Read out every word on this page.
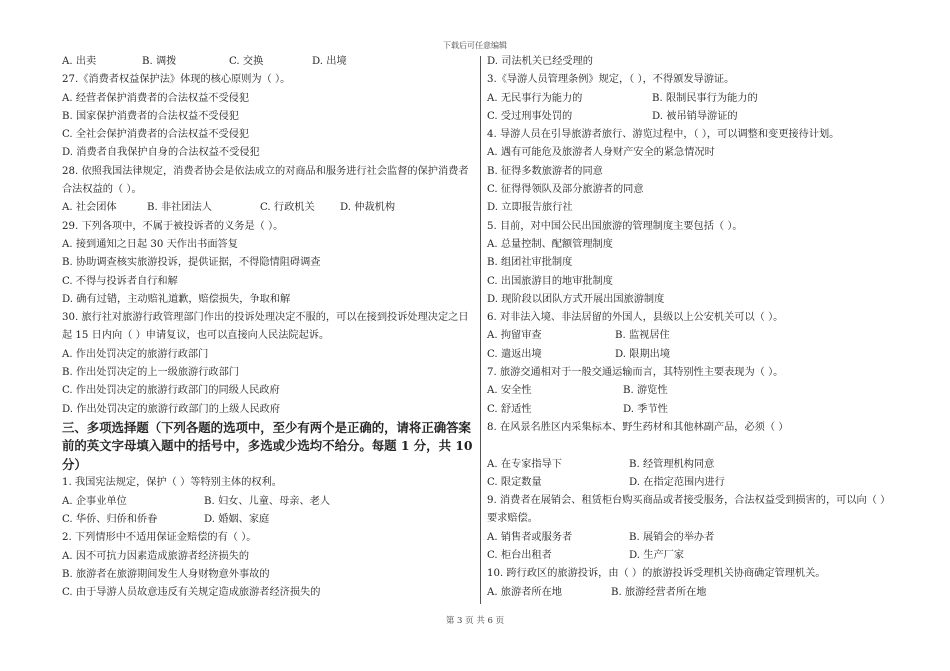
下载后可任意编辑
A. 出卖	B. 调拨	C. 交换	D. 出境
27.《消费者权益保护法》体现的核心原则为（ ）。
A. 经营者保护消费者的合法权益不受侵犯
B. 国家保护消费者的合法权益不受侵犯
C. 全社会保护消费者的合法权益不受侵犯
D. 消费者自我保护自身的合法权益不受侵犯
28. 依照我国法律规定，消费者协会是依法成立的对商品和服务进行社会监督的保护消费者合法权益的（ ）。
A. 社会团体	B. 非社团法人	C. 行政机关	D. 仲裁机构
29. 下列各项中，不属于被投诉者的义务是（ ）。
A. 接到通知之日起 30 天作出书面答复
B. 协助调查核实旅游投诉，提供证据，不得隐情阻碍调查
C. 不得与投诉者自行和解
D. 确有过错，主动赔礼道歉，赔偿损失，争取和解
30. 旅行社对旅游行政管理部门作出的投诉处理决定不服的，可以在接到投诉处理决定之日起 15 日内向（ ）申请复议，也可以直接向人民法院起诉。
A. 作出处罚决定的旅游行政部门
B. 作出处罚决定的上一级旅游行政部门
C. 作出处罚决定的旅游行政部门的同级人民政府
D. 作出处罚决定的旅游行政部门的上级人民政府
三、多项选择题（下列各题的选项中，至少有两个是正确的，请将正确答案前的英文字母填入题中的括号中，多选或少选均不给分。每题 1 分，共 10 分）
1. 我国宪法规定，保护（ ）等特别主体的权利。
A. 企事业单位	B. 妇女、儿童、母亲、老人
C. 华侨、归侨和侨眷	D. 婚姻、家庭
2. 下列情形中不适用保证金赔偿的有（ ）。
A. 因不可抗力因素造成旅游者经济损失的
B. 旅游者在旅游期间发生人身财物意外事故的
C. 由于导游人员故意违反有关规定造成旅游者经济损失的
D. 司法机关已经受理的
3.《导游人员管理条例》规定，（ ），不得颁发导游证。
A. 无民事行为能力的	B. 限制民事行为能力的
C. 受过刑事处罚的	D. 被吊销导游证的
4. 导游人员在引导旅游者旅行、游览过程中，（ ），可以调整和变更接待计划。
A. 遇有可能危及旅游者人身财产安全的紧急情况时
B. 征得多数旅游者的同意
C. 征得得领队及部分旅游者的同意
D. 立即报告旅行社
5. 目前，对中国公民出国旅游的管理制度主要包括（ ）。
A. 总量控制、配额管理制度
B. 组团社审批制度
C. 出国旅游目的地审批制度
D. 现阶段以团队方式开展出国旅游制度
6. 对非法入境、非法居留的外国人，县级以上公安机关可以（ ）。
A. 拘留审查	B. 监视居住
C. 遣返出境	D. 限期出境
7. 旅游交通相对于一般交通运输而言，其特别性主要表现为（ ）。
A. 安全性	B. 游览性
C. 舒适性	D. 季节性
8. 在风景名胜区内采集标本、野生药材和其他林副产品，必须（ ）
A. 在专家指导下	B. 经管理机构同意
C. 限定数量	D. 在指定范围内进行
9. 消费者在展销会、租赁柜台购买商品或者接受服务，合法权益受到损害的，可以向（ ）要求赔偿。
A. 销售者或服务者	B. 展销会的举办者
C. 柜台出租者	D. 生产厂家
10. 跨行政区的旅游投诉，由（ ）的旅游投诉受理机关协商确定管理机关。
A. 旅游者所在地	B. 旅游经营者所在地
第 3 页 共 6 页
